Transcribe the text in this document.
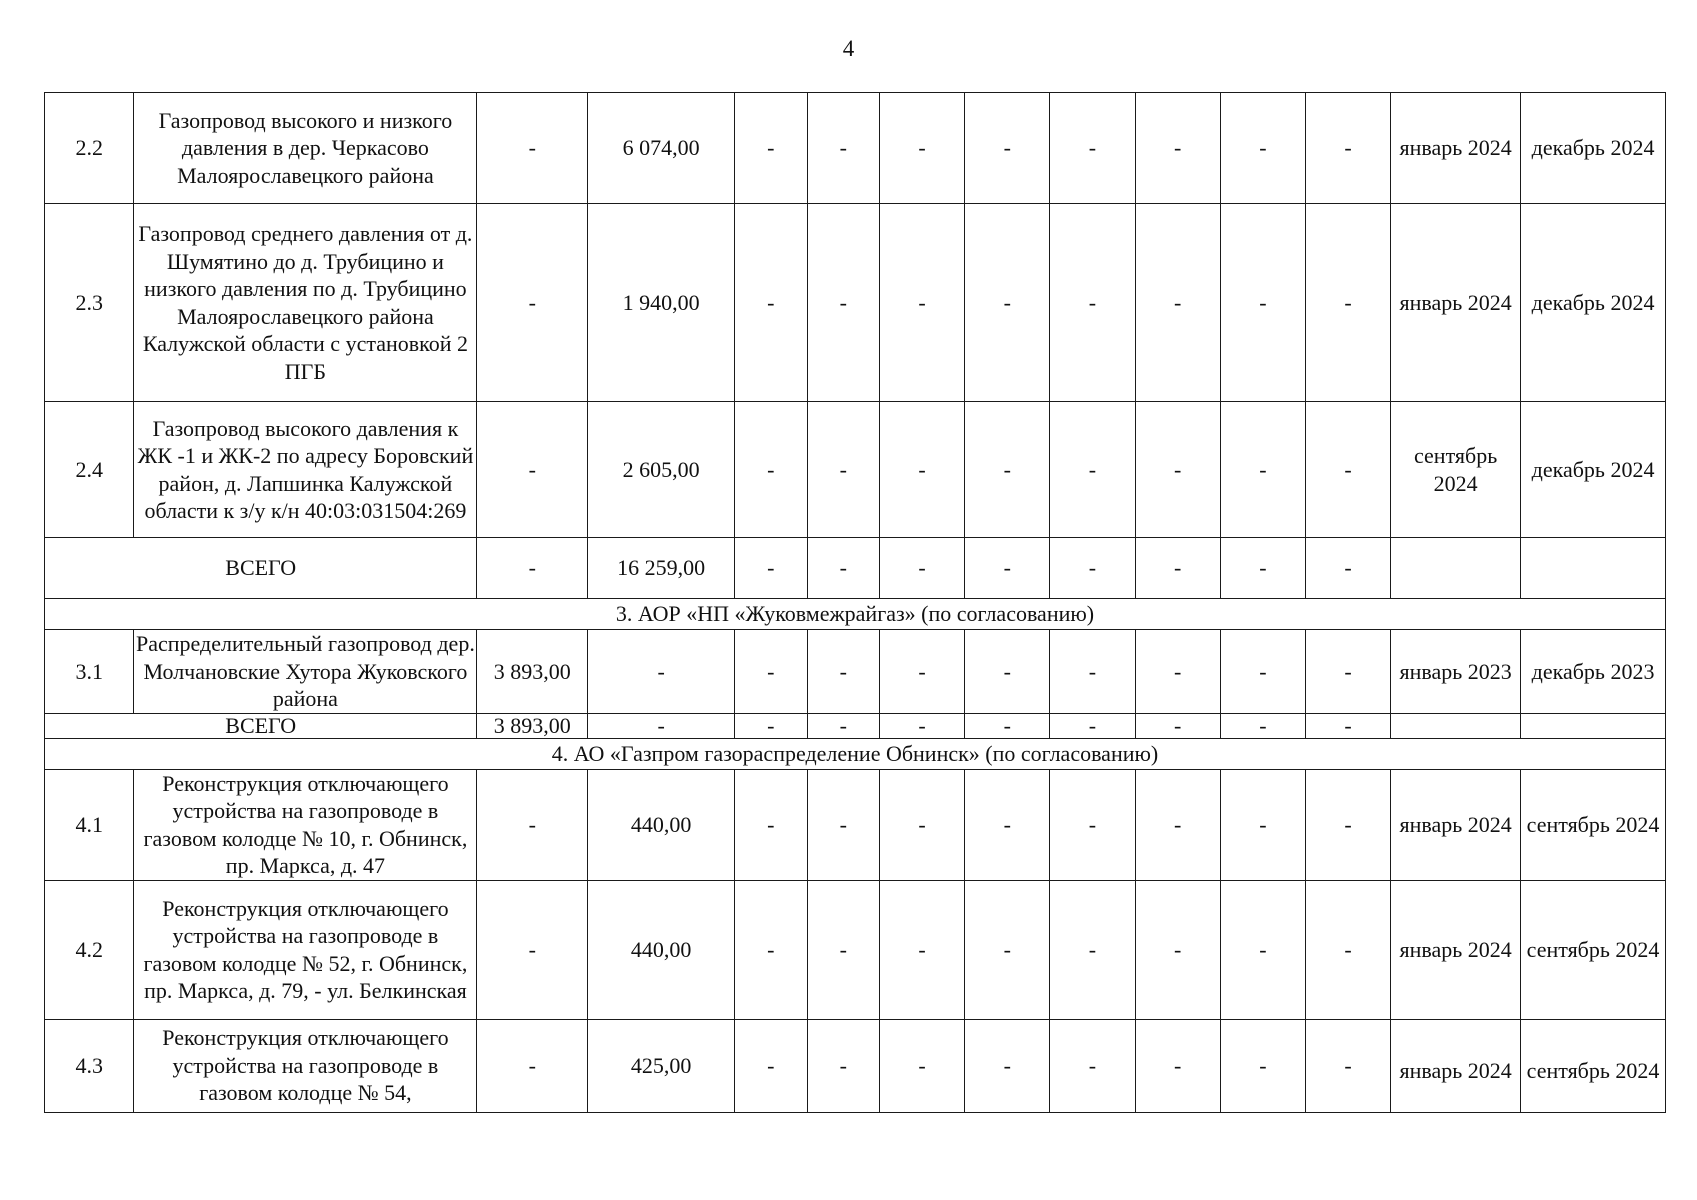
4
2.2	Газопровод высокого и низкого давления в дер. Черкасово Малоярославецкого района	-	6 074,00	-	-	-	-	-	-	-	-	январь 2024	декабрь 2024
2.3	Газопровод среднего давления от д. Шумятино до д. Трубицино и низкого давления по д. Трубицино Малоярославецкого района Калужской области с установкой 2 ПГБ	-	1 940,00	-	-	-	-	-	-	-	-	январь 2024	декабрь 2024
2.4	Газопровод высокого давления к ЖК -1 и ЖК-2 по адресу Боровский район, д. Лапшинка Калужской области к з/у к/н 40:03:031504:269	-	2 605,00	-	-	-	-	-	-	-	-	сентябрь 2024	декабрь 2024
ВСЕГО		-	16 259,00	-	-	-	-	-	-	-	-		
3. АОР «НП «Жуковмежрайгаз» (по согласованию)													
3.1	Распределительный газопровод дер. Молчановские Хутора Жуковского района	3 893,00	-	-	-	-	-	-	-	-	-	январь 2023	декабрь 2023
ВСЕГО		3 893,00	-	-	-	-	-	-	-	-	-		
4. АО «Газпром газораспределение Обнинск» (по согласованию)													
4.1	Реконструкция отключающего устройства на газопроводе в газовом колодце № 10, г. Обнинск, пр. Маркса, д. 47	-	440,00	-	-	-	-	-	-	-	-	январь 2024	сентябрь 2024
4.2	Реконструкция отключающего устройства на газопроводе в газовом колодце № 52, г. Обнинск, пр. Маркса, д. 79, - ул. Белкинская	-	440,00	-	-	-	-	-	-	-	-	январь 2024	сентябрь 2024
4.3	Реконструкция отключающего устройства на газопроводе в газовом колодце № 54,	-	425,00	-	-	-	-	-	-	-	-	январь 2024	сентябрь 2024
